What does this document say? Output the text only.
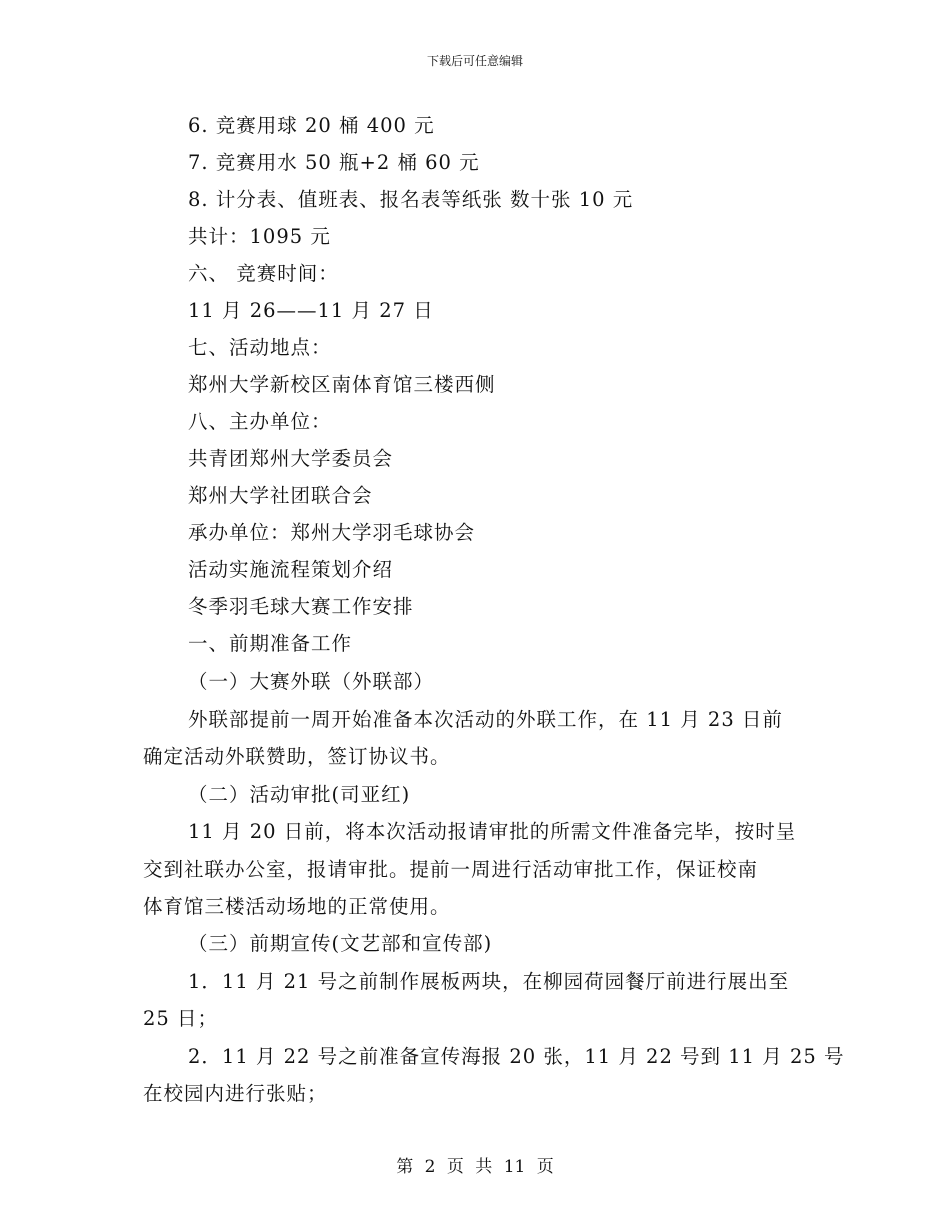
下载后可任意编辑
6. 竞赛用球 20 桶 400 元
7. 竞赛用水 50 瓶+2 桶 60 元
8. 计分表、值班表、报名表等纸张 数十张 10 元
共计：1095 元
六、 竞赛时间：
11 月 26——11 月 27 日
七、活动地点：
郑州大学新校区南体育馆三楼西侧
八、主办单位：
共青团郑州大学委员会
郑州大学社团联合会
承办单位：郑州大学羽毛球协会
活动实施流程策划介绍
冬季羽毛球大赛工作安排
一、前期准备工作
（一）大赛外联（外联部）
外联部提前一周开始准备本次活动的外联工作，在 11 月 23 日前
确定活动外联赞助，签订协议书。
（二）活动审批(司亚红)
11 月 20 日前，将本次活动报请审批的所需文件准备完毕，按时呈
交到社联办公室，报请审批。提前一周进行活动审批工作，保证校南
体育馆三楼活动场地的正常使用。
（三）前期宣传(文艺部和宣传部)
1．11 月 21 号之前制作展板两块，在柳园荷园餐厅前进行展出至
25 日；
2．11 月 22 号之前准备宣传海报 20 张，11 月 22 号到 11 月 25 号
在校园内进行张贴；
第 2 页 共 11 页
